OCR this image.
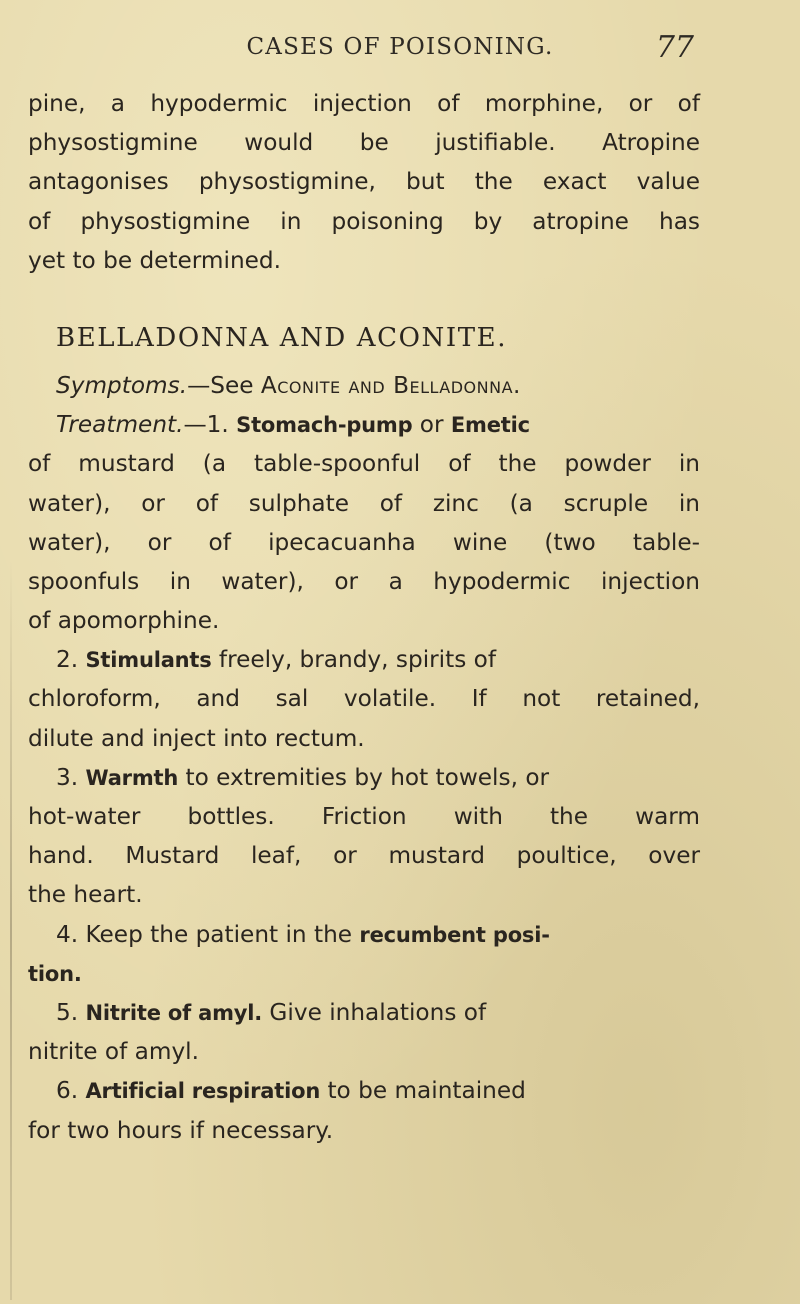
CASES OF POISONING.	77
pine, a hypodermic injection of morphine, or of
physostigmine would be justifiable. Atropine
antagonises physostigmine, but the exact value
of physostigmine in poisoning by atropine has
yet to be determined.
BELLADONNA AND ACONITE.
Symptoms.—See Aconite and Belladonna.
Treatment.—1. Stomach-pump or Emetic
of mustard (a table-spoonful of the powder in
water), or of sulphate of zinc (a scruple in
water), or of ipecacuanha wine (two table-
spoonfuls in water), or a hypodermic injection
of apomorphine.
2. Stimulants freely, brandy, spirits of
chloroform, and sal volatile. If not retained,
dilute and inject into rectum.
3. Warmth to extremities by hot towels, or
hot-water bottles. Friction with the warm
hand. Mustard leaf, or mustard poultice, over
the heart.
4. Keep the patient in the recumbent posi-
tion.
5. Nitrite of amyl. Give inhalations of
nitrite of amyl.
6. Artificial respiration to be maintained
for two hours if necessary.
